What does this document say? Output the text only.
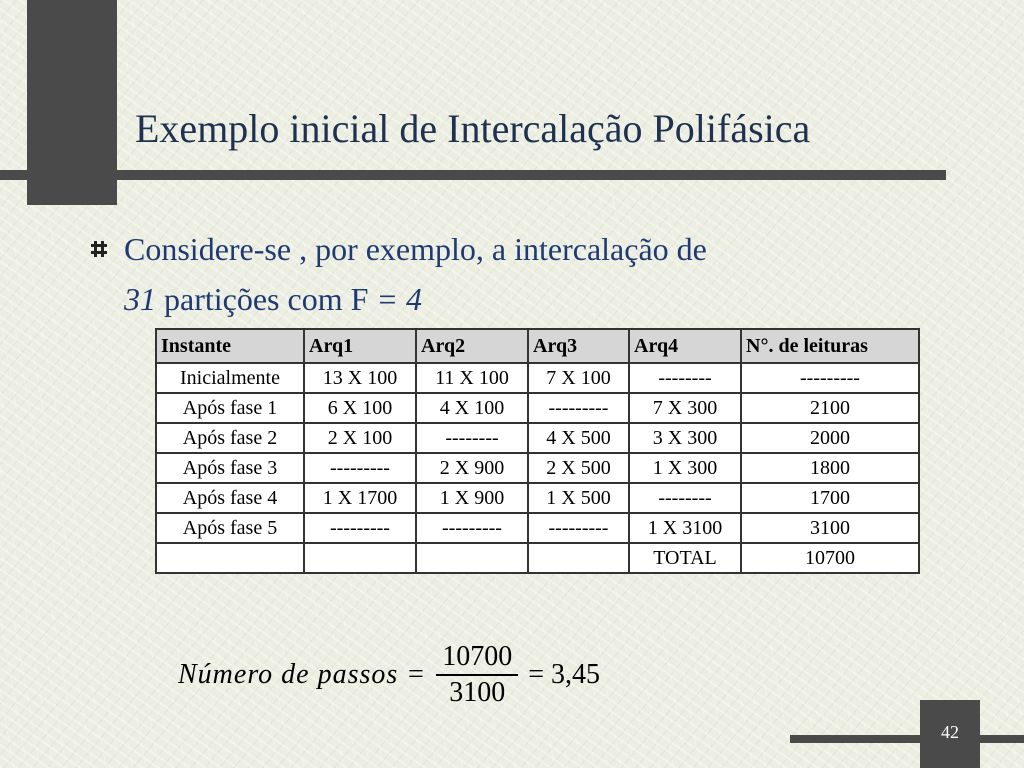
Exemplo inicial de Intercalação Polifásica
Considere-se , por exemplo, a intercalação de
31 partições com F = 4
Instante	Arq1	Arq2	Arq3	Arq4	N°. de leituras
Inicialmente	13 X 100	11 X 100	7 X 100	--------	---------
Após fase 1	6 X 100	4 X 100	---------	7 X 300	2100
Após fase 2	2 X 100	--------	4 X 500	3 X 300	2000
Após fase 3	---------	2 X 900	2 X 500	1 X 300	1800
Após fase 4	1 X 1700	1 X 900	1 X 500	--------	1700
Após fase 5	---------	---------	---------	1 X 3100	3100
				TOTAL	10700
Número de passos = $\frac{10700}{3100} = 3,45$
42
